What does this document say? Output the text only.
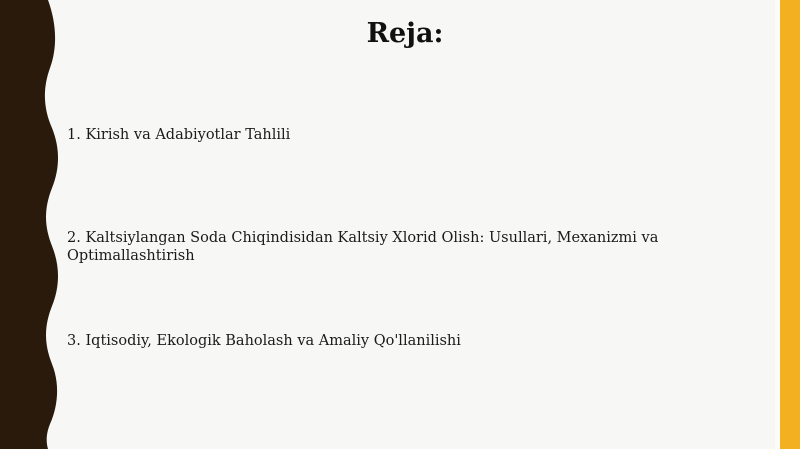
Reja:

1. Kirish va Adabiyotlar Tahlili

2. Kaltsiylangan Soda Chiqindisidan Kaltsiy Xlorid Olish: Usullari, Mexanizmi va Optimallashtirish

3. Iqtisodiy, Ekologik Baholash va Amaliy Qo'llanilishi
